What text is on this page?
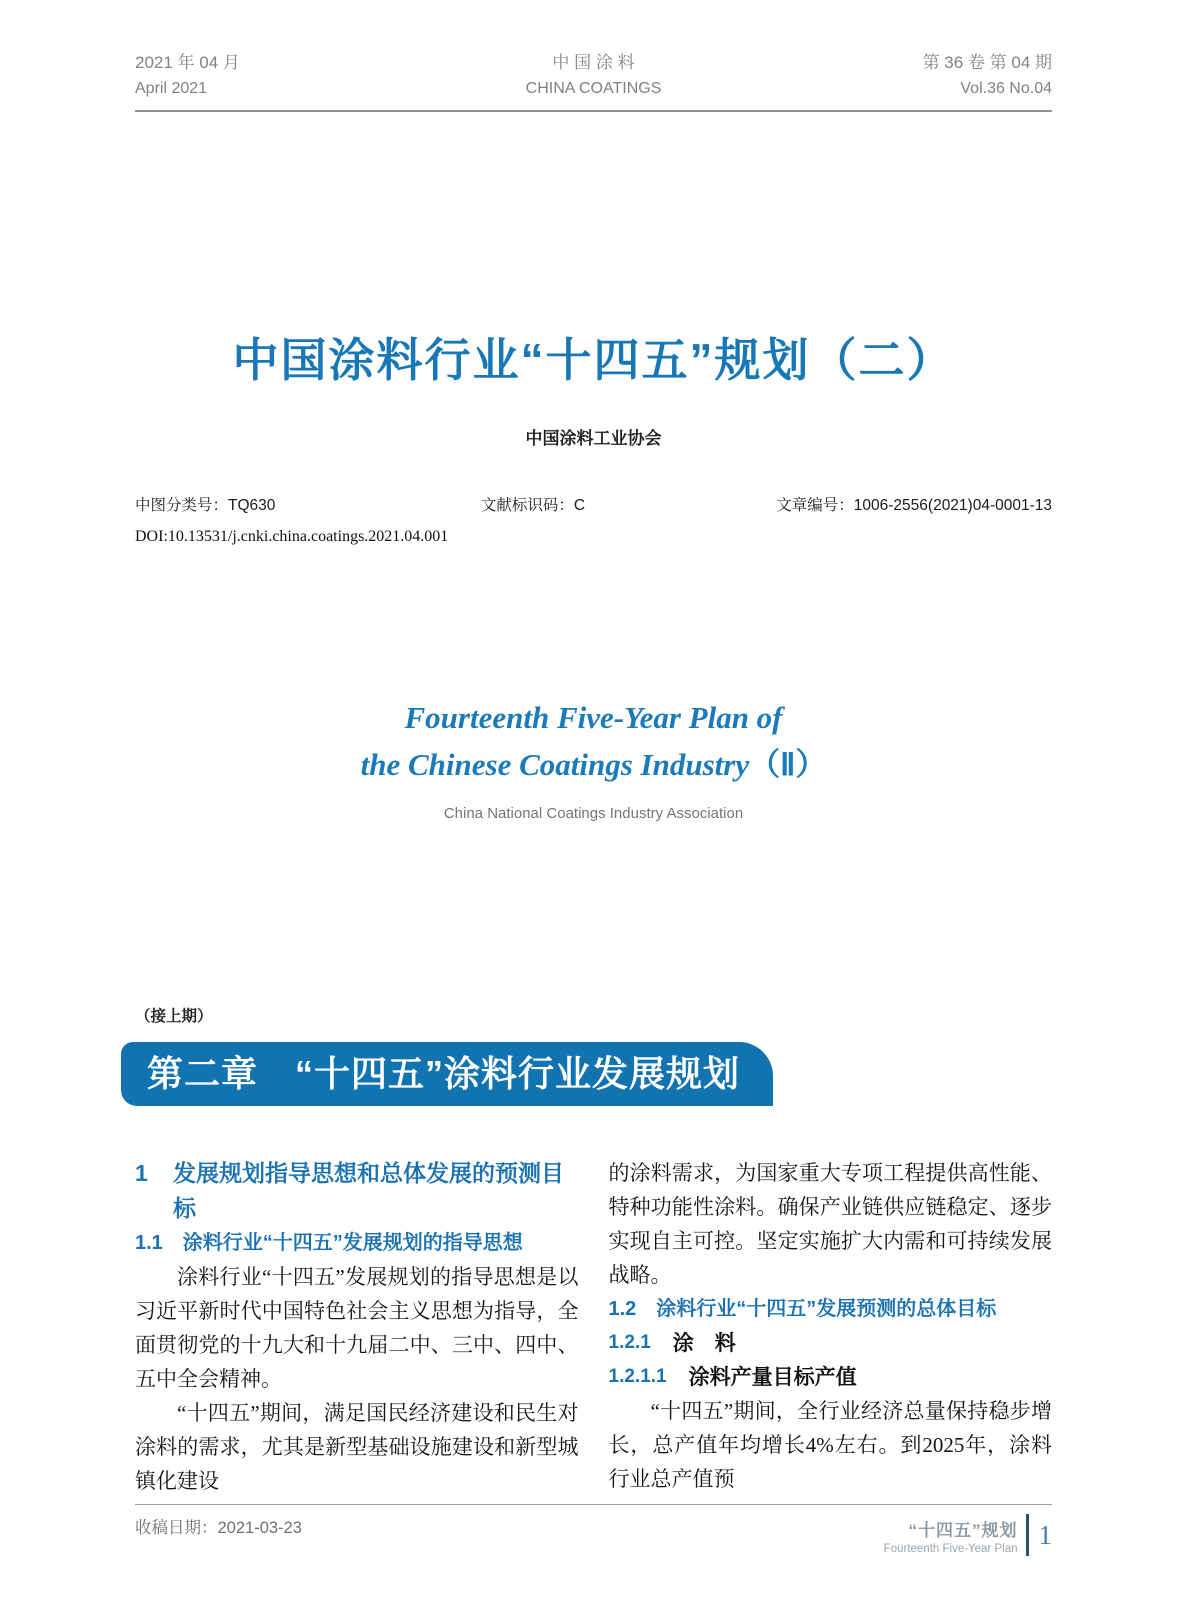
2021 年 04 月
April 2021
中 国 涂 料
CHINA COATINGS
第 36 卷 第 04 期
Vol.36 No.04
中国涂料行业“十四五”规划（二）
中国涂料工业协会
中图分类号：TQ630	文献标识码：C	文章编号：1006-2556(2021)04-0001-13
DOI:10.13531/j.cnki.china.coatings.2021.04.001
Fourteenth Five-Year Plan of
the Chinese Coatings Industry（Ⅱ）
China National Coatings Industry Association
（接上期）
第二章　“十四五”涂料行业发展规划
1	发展规划指导思想和总体发展的预测目标
1.1　涂料行业“十四五”发展规划的指导思想

涂料行业“十四五”发展规划的指导思想是以习近平新时代中国特色社会主义思想为指导，全面贯彻党的十九大和十九届二中、三中、四中、五中全会精神。

“十四五”期间，满足国民经济建设和民生对涂料的需求，尤其是新型基础设施建设和新型城镇化建设

的涂料需求，为国家重大专项工程提供高性能、特种功能性涂料。确保产业链供应链稳定、逐步实现自主可控。坚定实施扩大内需和可持续发展战略。

1.2　涂料行业“十四五”发展预测的总体目标
1.2.1 涂　料
1.2.1.1 涂料产量目标产值

“十四五”期间，全行业经济总量保持稳步增长，总产值年均增长4%左右。到2025年，涂料行业总产值预

收稿日期：2021-03-23	“十四五”规划
Fourteenth Five-Year Plan 1
